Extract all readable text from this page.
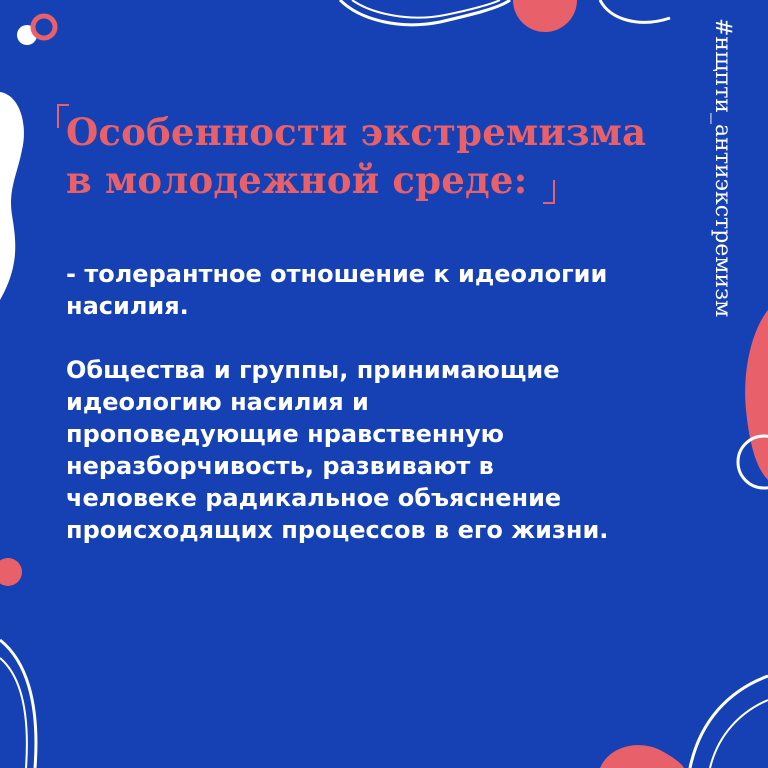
Особенности экстремизма
в молодежной среде:	#нщпти_антиэкстремизм
- толерантное отношение к идеологии
насилия.
Общества и группы, принимающие
идеологию насилия и
проповедующие нравственную
неразборчивость, развивают в
человеке радикальное объяснение
происходящих процессов в его жизни.
